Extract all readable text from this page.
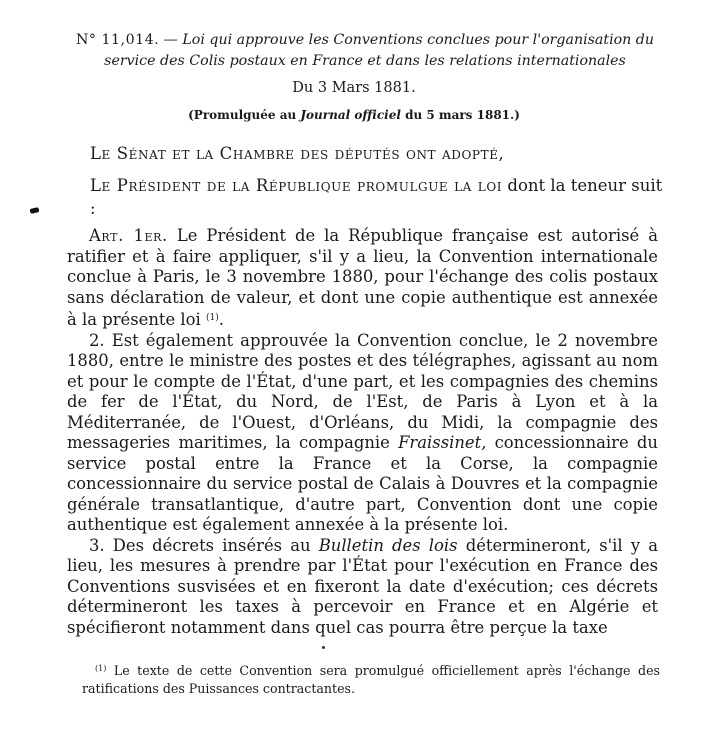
N° 11,014. — Loi qui approuve les Conventions conclues pour l'organisation du service des Colis postaux en France et dans les relations internationales
Du 3 Mars 1881.
(Promulguée au Journal officiel du 5 mars 1881.)
Le Sénat et la Chambre des députés ont adopté,
Le Président de la République promulgue la loi dont la teneur suit :

Art. 1er. Le Président de la République française est autorisé à ratifier et à faire appliquer, s'il y a lieu, la Convention internationale conclue à Paris, le 3 novembre 1880, pour l'échange des colis postaux sans déclaration de valeur, et dont une copie authentique est annexée à la présente loi $^{(1)}$.

2. Est également approuvée la Convention conclue, le 2 novembre 1880, entre le ministre des postes et des télégraphes, agissant au nom et pour le compte de l'État, d'une part, et les compagnies des chemins de fer de l'État, du Nord, de l'Est, de Paris à Lyon et à la Méditerranée, de l'Ouest, d'Orléans, du Midi, la compagnie des messageries maritimes, la compagnie Fraissinet, concessionnaire du service postal entre la France et la Corse, la compagnie concessionnaire du service postal de Calais à Douvres et la compagnie générale transatlantique, d'autre part, Convention dont une copie authentique est également annexée à la présente loi.

3. Des décrets insérés au Bulletin des lois détermineront, s'il y a lieu, les mesures à prendre par l'État pour l'exécution en France des Conventions susvisées et en fixeront la date d'exécution; ces décrets détermineront les taxes à percevoir en France et en Algérie et spécifieront notamment dans quel cas pourra être perçue la taxe

$^{(1)}$ Le texte de cette Convention sera promulgué officiellement après l'échange des ratifications des Puissances contractantes.
